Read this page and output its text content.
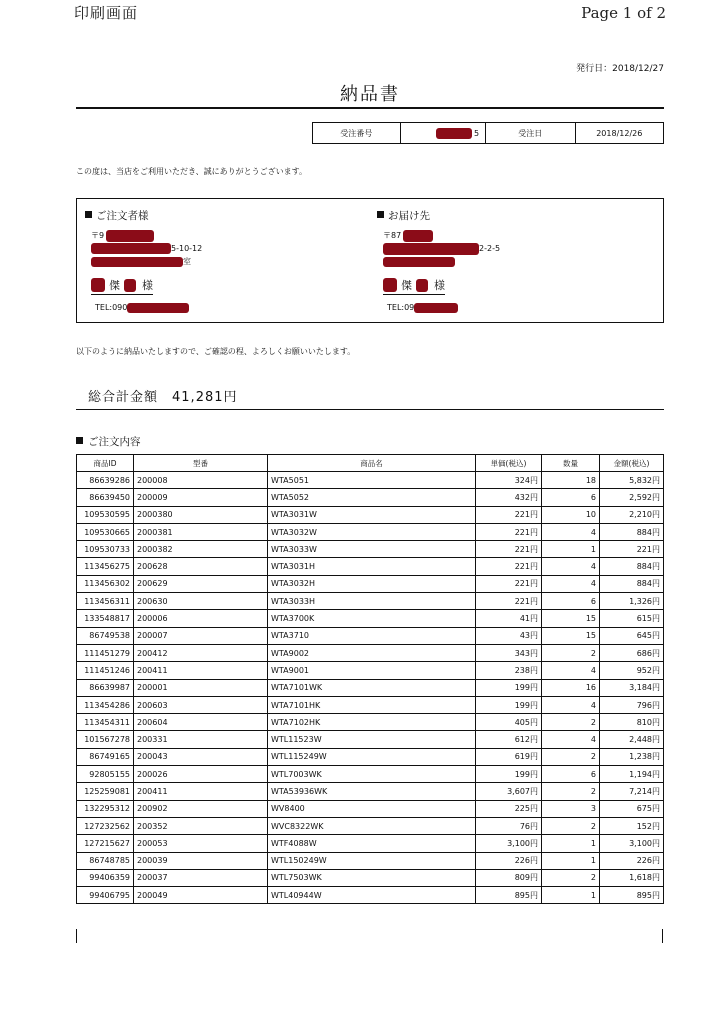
印刷画面	Page 1 of 2
発行日：2018/12/27
納品書
受注番号	5	受注日	2018/12/26
この度は、当店をご利用いただき、誠にありがとうございます。
ご注文者様
〒9
5-10-12
室
傑 様
TEL:090
お届け先
〒87
2-2-5
傑 様
TEL:09
以下のように納品いたしますので、ご確認の程、よろしくお願いいたします。
総合計金額 41,281円
ご注文内容
商品ID	型番	商品名	単価(税込)	数量	金額(税込)
86639286	200008	WTA5051	324円	18	5,832円
86639450	200009	WTA5052	432円	6	2,592円
109530595	2000380	WTA3031W	221円	10	2,210円
109530665	2000381	WTA3032W	221円	4	884円
109530733	2000382	WTA3033W	221円	1	221円
113456275	200628	WTA3031H	221円	4	884円
113456302	200629	WTA3032H	221円	4	884円
113456311	200630	WTA3033H	221円	6	1,326円
133548817	200006	WTA3700K	41円	15	615円
86749538	200007	WTA3710	43円	15	645円
111451279	200412	WTA9002	343円	2	686円
111451246	200411	WTA9001	238円	4	952円
86639987	200001	WTA7101WK	199円	16	3,184円
113454286	200603	WTA7101HK	199円	4	796円
113454311	200604	WTA7102HK	405円	2	810円
101567278	200331	WTL11523W	612円	4	2,448円
86749165	200043	WTL115249W	619円	2	1,238円
92805155	200026	WTL7003WK	199円	6	1,194円
125259081	200411	WTA53936WK	3,607円	2	7,214円
132295312	200902	WV8400	225円	3	675円
127232562	200352	WVC8322WK	76円	2	152円
127215627	200053	WTF4088W	3,100円	1	3,100円
86748785	200039	WTL150249W	226円	1	226円
99406359	200037	WTL7503WK	809円	2	1,618円
99406795	200049	WTL40944W	895円	1	895円
